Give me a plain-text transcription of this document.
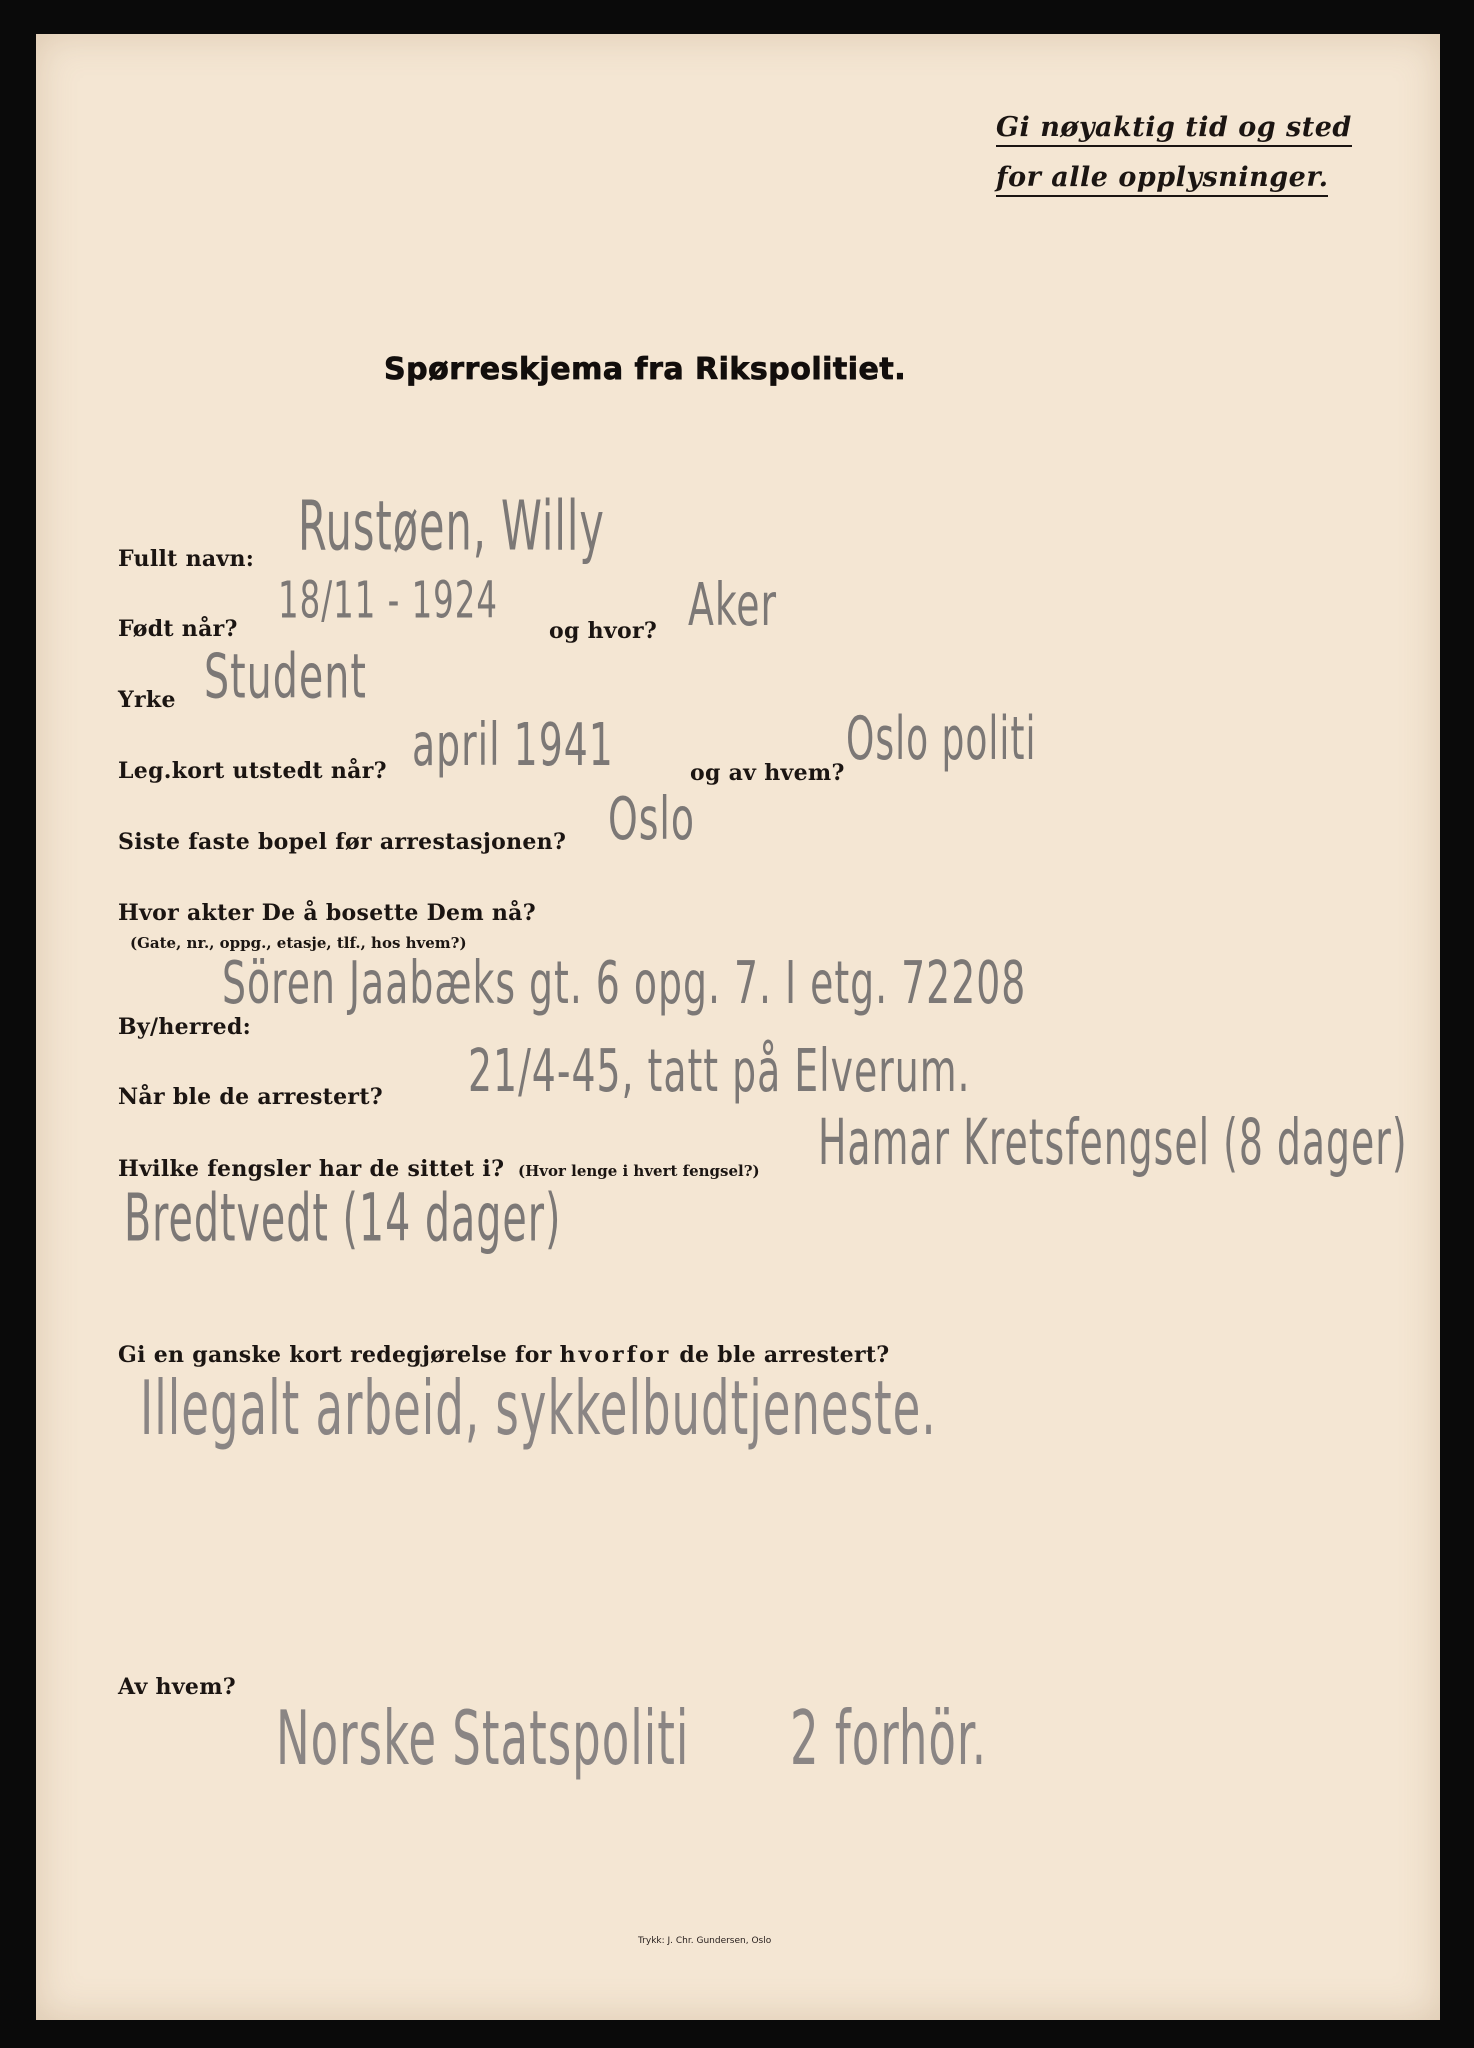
Gi nøyaktig tid og sted
for alle opplysninger.
Spørreskjema fra Rikspolitiet.
Fullt navn: Rustøen, Willy
Født når? 18/11 - 1924
og hvor? Aker
Yrke Student
Leg.kort utstedt når? april 1941	og av hvem? Oslo politi
Siste faste bopel før arrestasjonen? Oslo
Hvor akter De å bosette Dem nå?
(Gate, nr., oppg., etasje, tlf., hos hvem?)
Sören Jaabæks gt. 6 opg. 7. I etg. 72208
By/herred:
Når ble de arrestert? 21/4-45, tatt på Elverum.
Hvilke fengsler har de sittet i? (Hvor lenge i hvert fengsel?) Hamar Kretsfengsel (8 dager)
Bredtvedt (14 dager)
Gi en ganske kort redegjørelse for hvorfor de ble arrestert?
Illegalt arbeid, sykkelbudtjeneste.
Av hvem?
Norske Statspoliti 2 forhör.
Trykk: J. Chr. Gundersen, Oslo
